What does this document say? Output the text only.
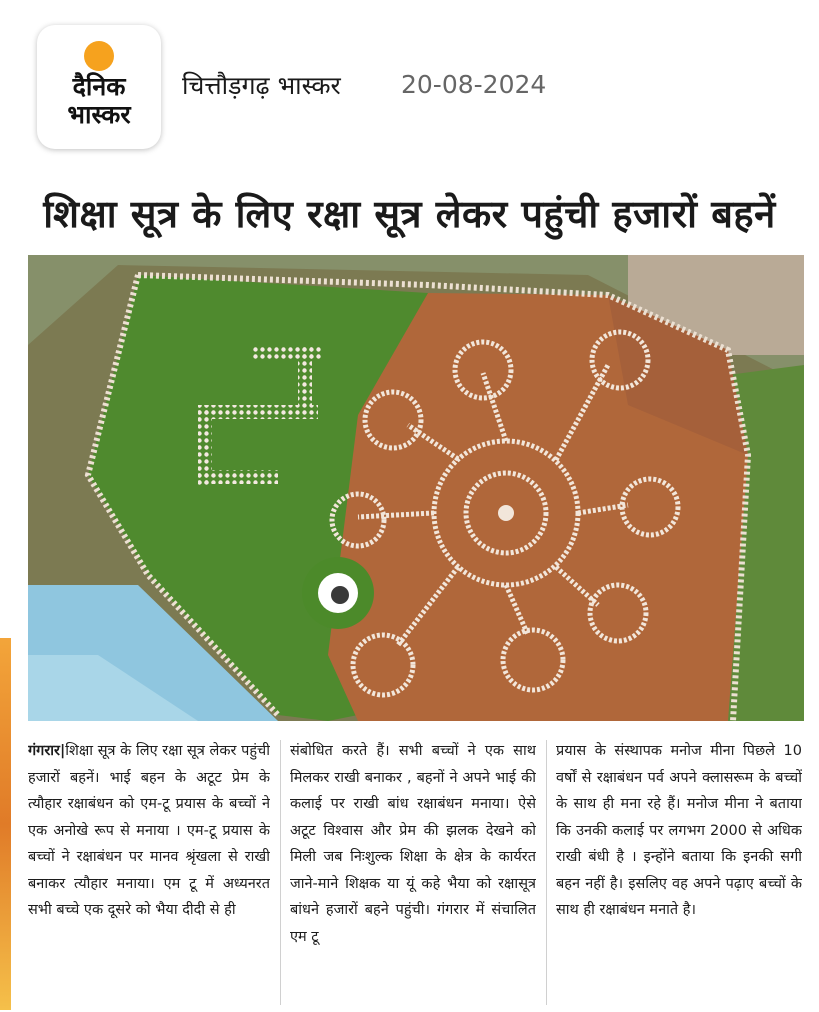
दैनिक
भास्कर
चित्तौड़गढ़ भास्कर 20-08-2024
शिक्षा सूत्र के लिए रक्षा सूत्र लेकर पहुंची हजारों बहनें
गंगरार|शिक्षा सूत्र के लिए रक्षा सूत्र लेकर पहुंची हजारों बहनें। भाई बहन के अटूट प्रेम के त्यौहार रक्षाबंधन को एम-टू प्रयास के बच्चों ने एक अनोखे रूप से मनाया । एम-टू प्रयास के बच्चों ने रक्षाबंधन पर मानव श्रृंखला से राखी बनाकर त्यौहार मनाया। एम टू में अध्यनरत सभी बच्चे एक दूसरे को भैया दीदी से ही
संबोधित करते हैं। सभी बच्चों ने एक साथ मिलकर राखी बनाकर , बहनों ने अपने भाई की कलाई पर राखी बांध रक्षाबंधन मनाया। ऐसे अटूट विश्वास और प्रेम की झलक देखने को मिली जब निःशुल्क शिक्षा के क्षेत्र के कार्यरत जाने-माने शिक्षक या यूं कहे भैया को रक्षासूत्र बांधने हजारों बहने पहुंची। गंगरार में संचालित एम टू
प्रयास के संस्थापक मनोज मीना पिछले 10 वर्षों से रक्षाबंधन पर्व अपने क्लासरूम के बच्चों के साथ ही मना रहे हैं। मनोज मीना ने बताया कि उनकी कलाई पर लगभग 2000 से अधिक राखी बंधी है । इन्होंने बताया कि इनकी सगी बहन नहीं है। इसलिए वह अपने पढ़ाए बच्चों के साथ ही रक्षाबंधन मनाते है।
